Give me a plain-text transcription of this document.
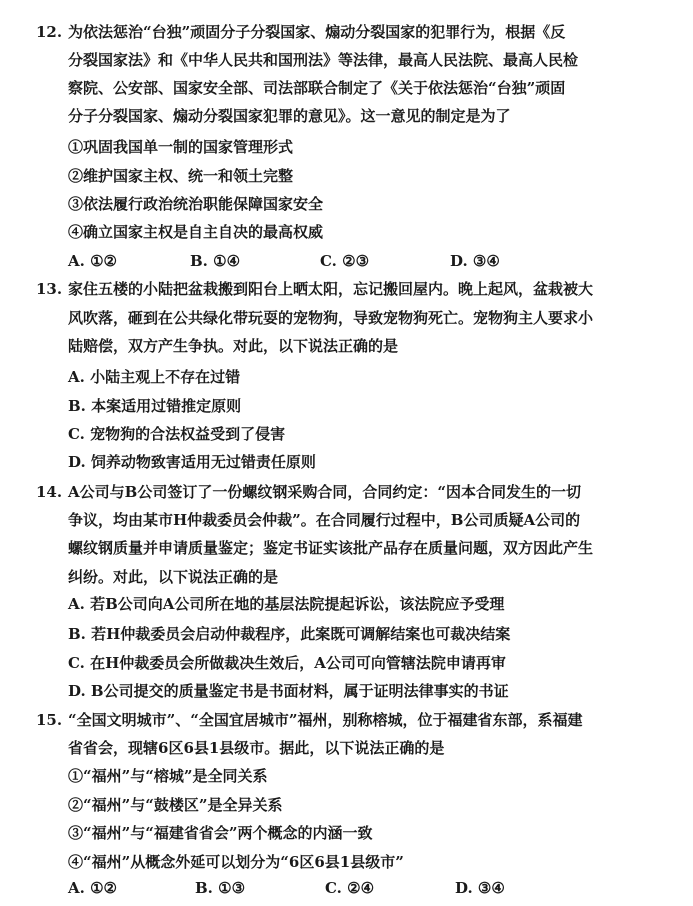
12. 为依法惩治“台独”顽固分子分裂国家、煽动分裂国家的犯罪行为，根据《反
分裂国家法》和《中华人民共和国刑法》等法律，最高人民法院、最高人民检
察院、公安部、国家安全部、司法部联合制定了《关于依法惩治“台独”顽固
分子分裂国家、煽动分裂国家犯罪的意见》。这一意见的制定是为了
①巩固我国单一制的国家管理形式
②维护国家主权、统一和领土完整
③依法履行政治统治职能保障国家安全
④确立国家主权是自主自决的最高权威
A. ①②	B. ①④	C. ②③	D. ③④
13. 家住五楼的小陆把盆栽搬到阳台上晒太阳，忘记搬回屋内。晚上起风，盆栽被大
风吹落，砸到在公共绿化带玩耍的宠物狗，导致宠物狗死亡。宠物狗主人要求小
陆赔偿，双方产生争执。对此，以下说法正确的是
A. 小陆主观上不存在过错
B. 本案适用过错推定原则
C. 宠物狗的合法权益受到了侵害
D. 饲养动物致害适用无过错责任原则
14. A公司与B公司签订了一份螺纹钢采购合同，合同约定：“因本合同发生的一切
争议，均由某市H仲裁委员会仲裁”。在合同履行过程中，B公司质疑A公司的
螺纹钢质量并申请质量鉴定；鉴定书证实该批产品存在质量问题，双方因此产生
纠纷。对此，以下说法正确的是
A. 若B公司向A公司所在地的基层法院提起诉讼，该法院应予受理
B. 若H仲裁委员会启动仲裁程序，此案既可调解结案也可裁决结案
C. 在H仲裁委员会所做裁决生效后，A公司可向管辖法院申请再审
D. B公司提交的质量鉴定书是书面材料，属于证明法律事实的书证
15. “全国文明城市”、“全国宜居城市”福州，别称榕城，位于福建省东部，系福建
省省会，现辖6区6县1县级市。据此，以下说法正确的是
①“福州”与“榕城”是全同关系
②“福州”与“鼓楼区”是全异关系
③“福州”与“福建省省会”两个概念的内涵一致
④“福州”从概念外延可以划分为“6区6县1县级市”
A. ①②	B. ①③	C. ②④	D. ③④
